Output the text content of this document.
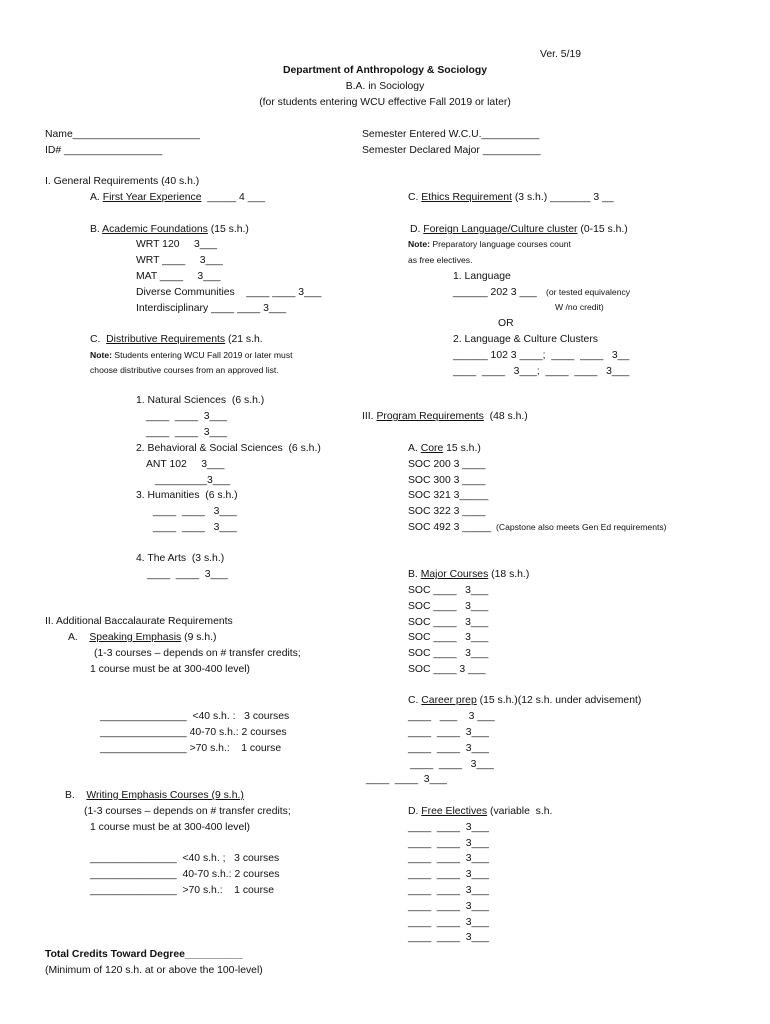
Ver. 5/19
Department of Anthropology & Sociology
B.A. in Sociology
(for students entering WCU effective Fall 2019 or later)
Name______________________
ID# _________________
Semester Entered W.C.U.__________
Semester Declared Major __________
I. General Requirements (40 s.h.)
A. First Year Experience  _____ 4 ___
B. Academic Foundations (15 s.h.)
WRT 120     3___
WRT ____     3___
MAT ____     3___
Diverse Communities    ____ ____ 3___
Interdisciplinary ____ ____ 3___
C.  Distributive Requirements (21 s.h.
Note: Students entering WCU Fall 2019 or later must
choose distributive courses from an approved list.
1. Natural Sciences  (6 s.h.)
____  ____  3___
____  ____  3___
2. Behavioral & Social Sciences  (6 s.h.)
ANT 102     3___
_________3___
3. Humanities  (6 s.h.)
____  ____   3___
____  ____   3___
4. The Arts  (3 s.h.)
____  ____  3___
C. Ethics Requirement (3 s.h.) _______ 3 __
D. Foreign Language/Culture cluster (0-15 s.h.)
Note: Preparatory language courses count
as free electives.
1. Language
______ 202 3 ___ (or tested equivalency
W /no credit)
OR
2. Language & Culture Clusters
______ 102 3 ____;  ____  ____   3__
____  ____   3___;  ____  ____   3___
III. Program Requirements  (48 s.h.)
A. Core 15 s.h.)
SOC 200 3 ____
SOC 300 3 ____
SOC 321 3_____
SOC 322 3 ____
SOC 492 3 _____ (Capstone also meets Gen Ed requirements)
B. Major Courses (18 s.h.)
SOC ____   3___
SOC ____   3___
SOC ____   3___
SOC ____   3___
SOC ____   3___
SOC ____ 3 ___
C. Career prep (15 s.h.)(12 s.h. under advisement)
____   ___    3 ___
____  ____  3___
____  ____  3___
____  ____   3___
____  ____  3___
D. Free Electives (variable  s.h.
____  ____  3___
____  ____  3___
____  ____  3___
____  ____  3___
____  ____  3___
____  ____  3___
____  ____  3___
____  ____  3___
II. Additional Baccalaurate Requirements
A.    Speaking Emphasis (9 s.h.)
(1-3 courses – depends on # transfer credits;
1 course must be at 300-400 level)
_______________  <40 s.h. :   3 courses
_______________ 40-70 s.h.: 2 courses
_______________ >70 s.h.:    1 course
B.    Writing Emphasis Courses (9 s.h.)
(1-3 courses – depends on # transfer credits;
1 course must be at 300-400 level)
_______________  <40 s.h. ;   3 courses
_______________  40-70 s.h.: 2 courses
_______________  >70 s.h.:    1 course
Total Credits Toward Degree__________
(Minimum of 120 s.h. at or above the 100-level)
